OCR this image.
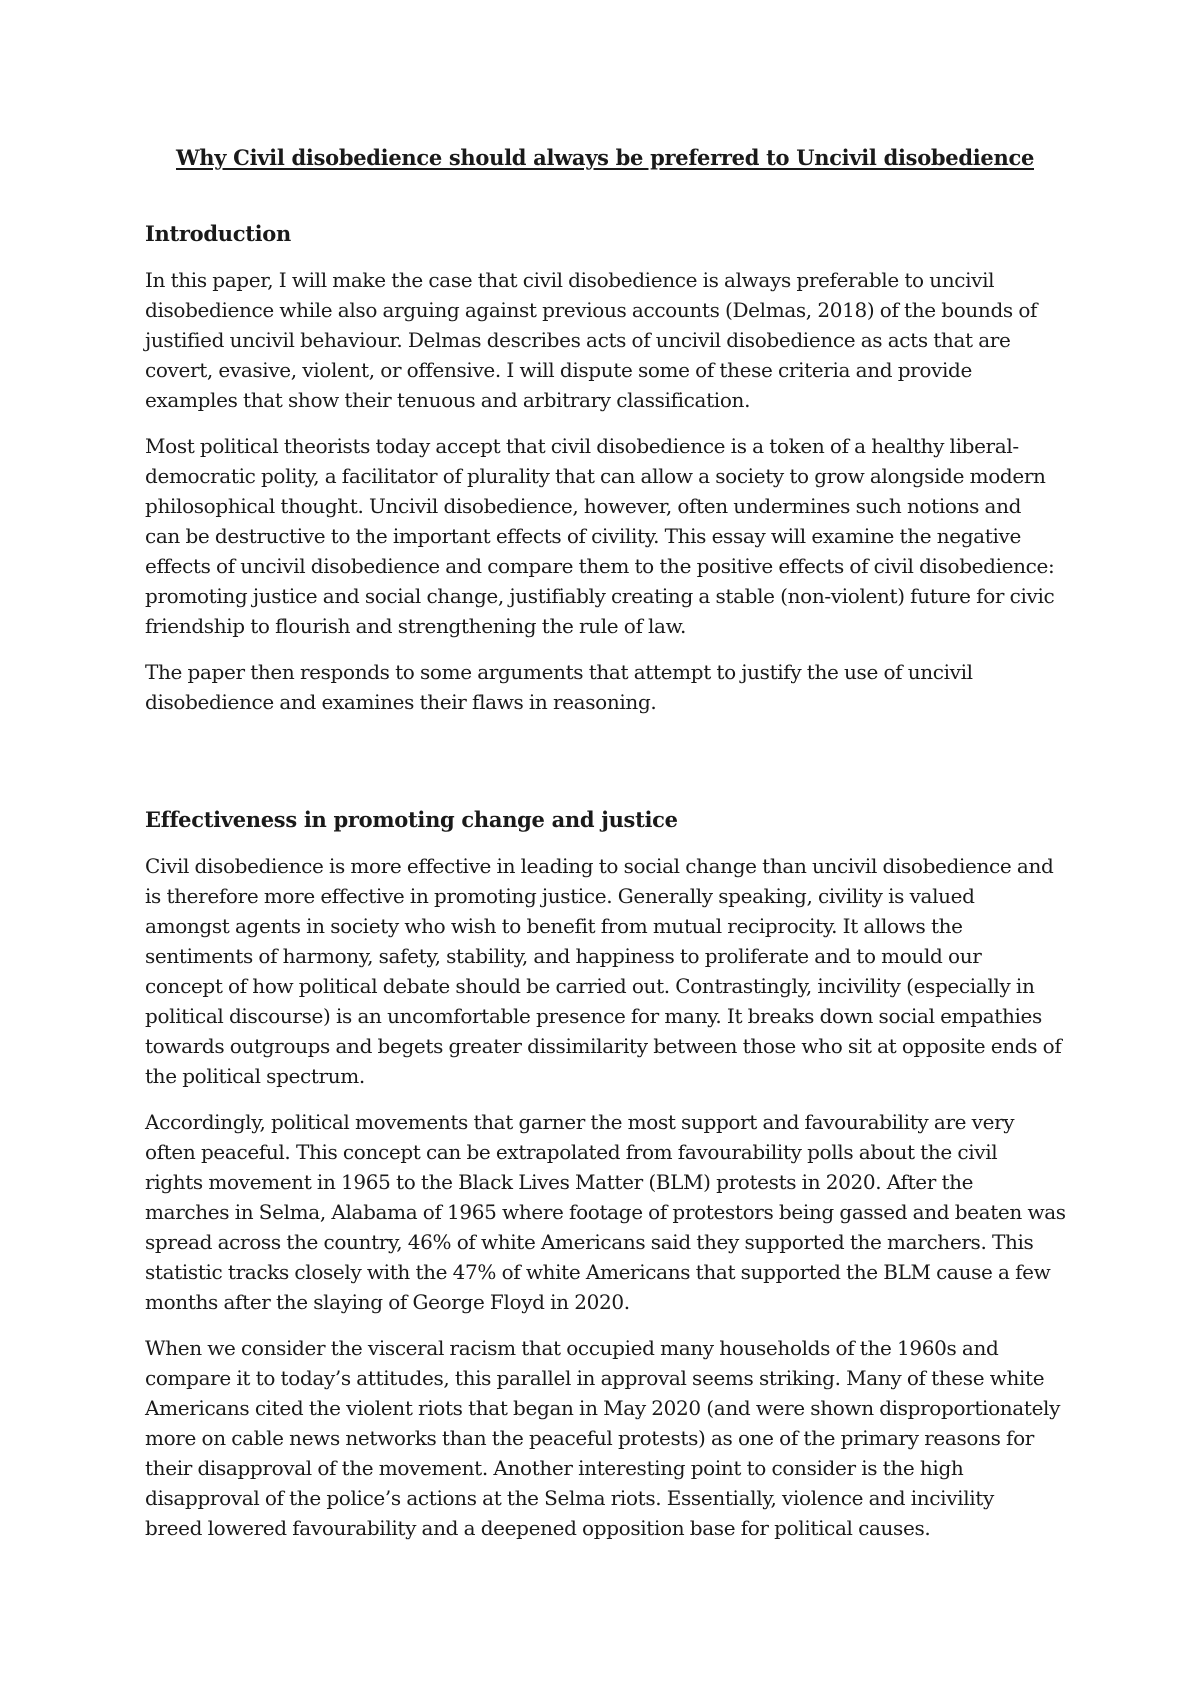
Why Civil disobedience should always be preferred to Uncivil disobedience
Introduction
In this paper, I will make the case that civil disobedience is always preferable to uncivil
disobedience while also arguing against previous accounts (Delmas, 2018) of the bounds of
justified uncivil behaviour. Delmas describes acts of uncivil disobedience as acts that are
covert, evasive, violent, or offensive. I will dispute some of these criteria and provide
examples that show their tenuous and arbitrary classification.
Most political theorists today accept that civil disobedience is a token of a healthy liberal-
democratic polity, a facilitator of plurality that can allow a society to grow alongside modern
philosophical thought. Uncivil disobedience, however, often undermines such notions and
can be destructive to the important effects of civility. This essay will examine the negative
effects of uncivil disobedience and compare them to the positive effects of civil disobedience:
promoting justice and social change, justifiably creating a stable (non-violent) future for civic
friendship to flourish and strengthening the rule of law.
The paper then responds to some arguments that attempt to justify the use of uncivil
disobedience and examines their flaws in reasoning.
Effectiveness in promoting change and justice
Civil disobedience is more effective in leading to social change than uncivil disobedience and
is therefore more effective in promoting justice. Generally speaking, civility is valued
amongst agents in society who wish to benefit from mutual reciprocity. It allows the
sentiments of harmony, safety, stability, and happiness to proliferate and to mould our
concept of how political debate should be carried out. Contrastingly, incivility (especially in
political discourse) is an uncomfortable presence for many. It breaks down social empathies
towards outgroups and begets greater dissimilarity between those who sit at opposite ends of
the political spectrum.
Accordingly, political movements that garner the most support and favourability are very
often peaceful. This concept can be extrapolated from favourability polls about the civil
rights movement in 1965 to the Black Lives Matter (BLM) protests in 2020. After the
marches in Selma, Alabama of 1965 where footage of protestors being gassed and beaten was
spread across the country, 46% of white Americans said they supported the marchers. This
statistic tracks closely with the 47% of white Americans that supported the BLM cause a few
months after the slaying of George Floyd in 2020.
When we consider the visceral racism that occupied many households of the 1960s and
compare it to today’s attitudes, this parallel in approval seems striking. Many of these white
Americans cited the violent riots that began in May 2020 (and were shown disproportionately
more on cable news networks than the peaceful protests) as one of the primary reasons for
their disapproval of the movement. Another interesting point to consider is the high
disapproval of the police’s actions at the Selma riots. Essentially, violence and incivility
breed lowered favourability and a deepened opposition base for political causes.
